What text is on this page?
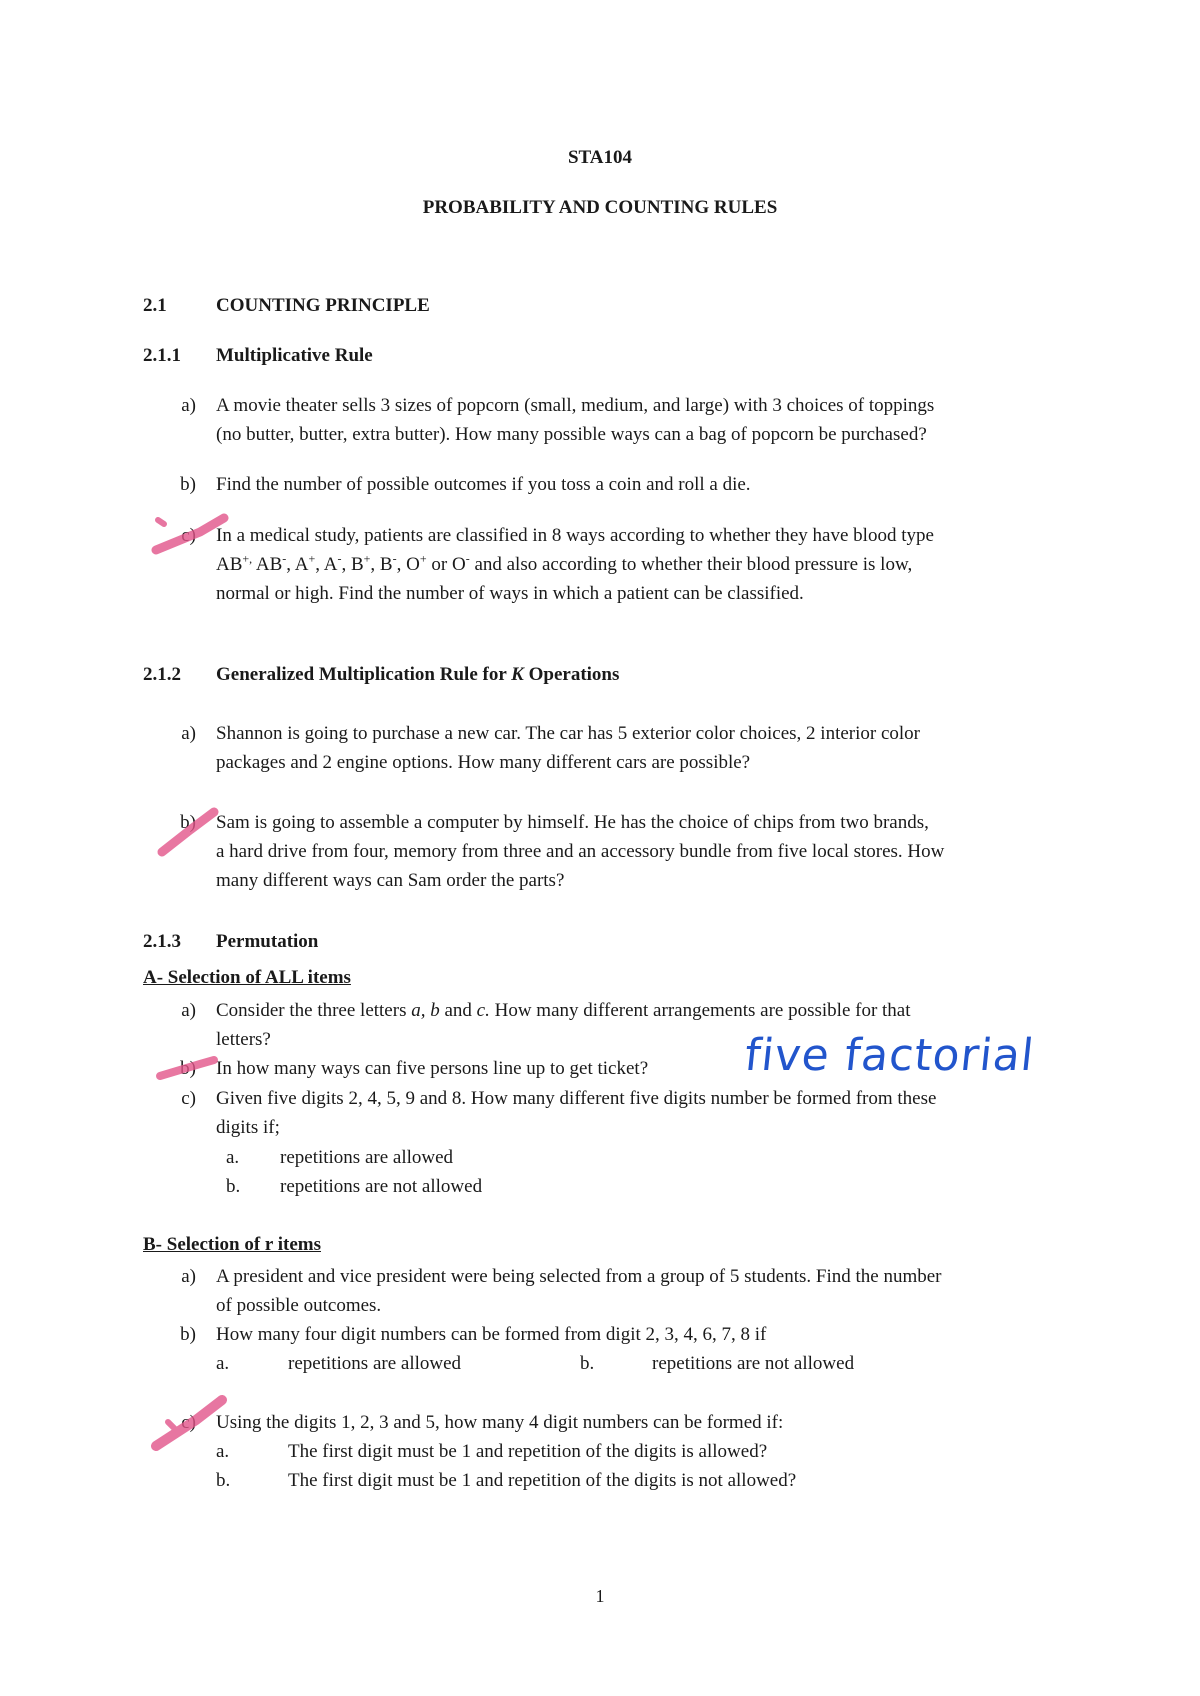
STA104
PROBABILITY AND COUNTING RULES
2.1	COUNTING PRINCIPLE
2.1.1 Multiplicative Rule
a) A movie theater sells 3 sizes of popcorn (small, medium, and large) with 3 choices of toppings
(no butter, butter, extra butter). How many possible ways can a bag of popcorn be purchased?
b) Find the number of possible outcomes if you toss a coin and roll a die.
c) In a medical study, patients are classified in 8 ways according to whether they have blood type
AB+, AB-, A+, A-, B+, B-, O+ or O- and also according to whether their blood pressure is low,
normal or high. Find the number of ways in which a patient can be classified.
2.1.2 Generalized Multiplication Rule for K Operations
a) Shannon is going to purchase a new car. The car has 5 exterior color choices, 2 interior color
packages and 2 engine options. How many different cars are possible?
b) Sam is going to assemble a computer by himself. He has the choice of chips from two brands,
a hard drive from four, memory from three and an accessory bundle from five local stores. How
many different ways can Sam order the parts?
2.1.3 Permutation
A- Selection of ALL items
a) Consider the three letters a, b and c. How many different arrangements are possible for that
letters?
b) In how many ways can five persons line up to get ticket?	five factorial
c) Given five digits 2, 4, 5, 9 and 8. How many different five digits number be formed from these
digits if;
a. repetitions are allowed
b. repetitions are not allowed
B- Selection of r items
a) A president and vice president were being selected from a group of 5 students. Find the number
of possible outcomes.
b) How many four digit numbers can be formed from digit 2, 3, 4, 6, 7, 8 if
a.	repetitions are allowed	b.	repetitions are not allowed
c) Using the digits 1, 2, 3 and 5, how many 4 digit numbers can be formed if:
a.	The first digit must be 1 and repetition of the digits is allowed?
b.	The first digit must be 1 and repetition of the digits is not allowed?
1
